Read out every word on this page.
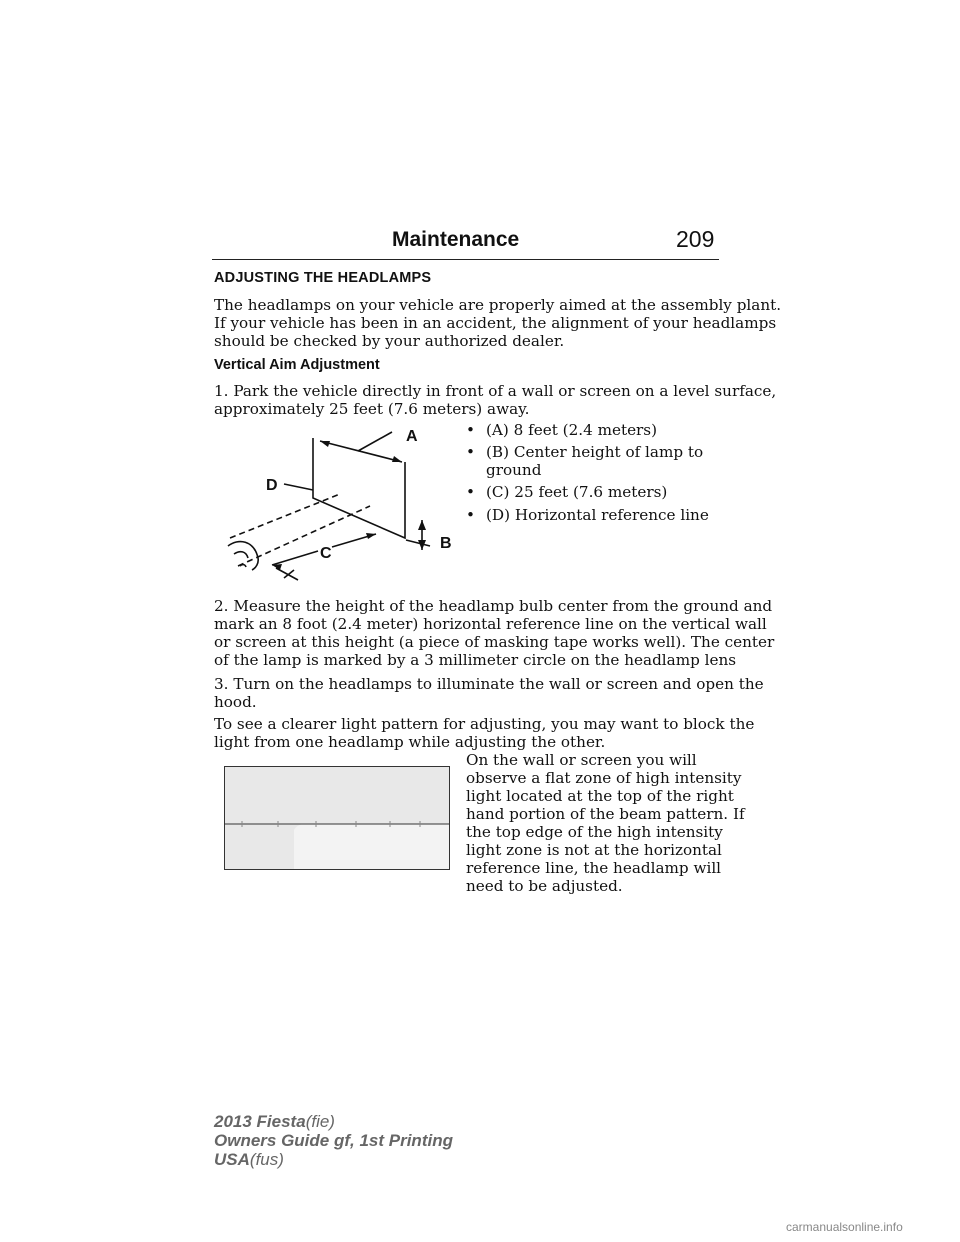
Maintenance	209
ADJUSTING THE HEADLAMPS
The headlamps on your vehicle are properly aimed at the assembly plant.
If your vehicle has been in an accident, the alignment of your headlamps
should be checked by your authorized dealer.
Vertical Aim Adjustment
1. Park the vehicle directly in front of a wall or screen on a level surface,
approximately 25 feet (7.6 meters) away.
• (A) 8 feet (2.4 meters)
• (B) Center height of lamp to
ground
• (C) 25 feet (7.6 meters)
• (D) Horizontal reference line
A
D
B
C
2. Measure the height of the headlamp bulb center from the ground and
mark an 8 foot (2.4 meter) horizontal reference line on the vertical wall
or screen at this height (a piece of masking tape works well). The center
of the lamp is marked by a 3 millimeter circle on the headlamp lens
3. Turn on the headlamps to illuminate the wall or screen and open the
hood.
To see a clearer light pattern for adjusting, you may want to block the
light from one headlamp while adjusting the other.
On the wall or screen you will
observe a flat zone of high intensity
light located at the top of the right
hand portion of the beam pattern. If
the top edge of the high intensity
light zone is not at the horizontal
reference line, the headlamp will
need to be adjusted.
2013 Fiesta(fie)
Owners Guide gf, 1st Printing
USA(fus)
carmanualsonline.info
